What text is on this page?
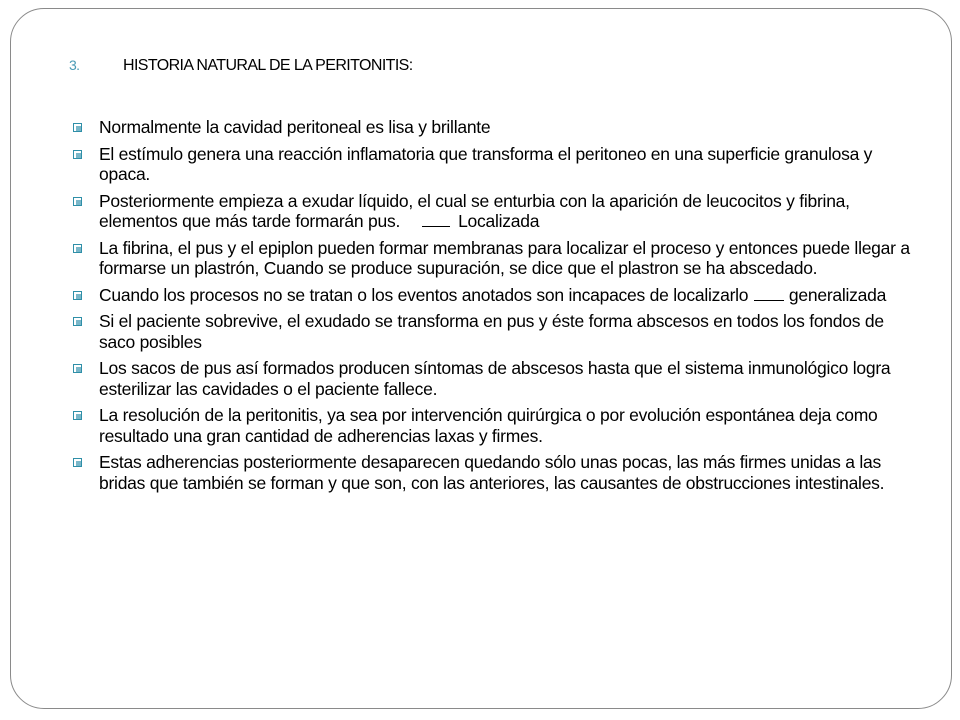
3.	HISTORIA NATURAL DE LA PERITONITIS:
Normalmente la cavidad peritoneal es lisa y brillante
El estímulo genera una reacción inflamatoria que transforma el peritoneo en una superficie granulosa y opaca.
Posteriormente empieza a exudar líquido, el cual se enturbia con la aparición de leucocitos y fibrina, elementos que más tarde formarán pus.	Localizada
La fibrina, el pus y el epiplon pueden formar membranas para localizar el proceso y entonces puede llegar a formarse un plastrón, Cuando se produce supuración, se dice que el plastron se ha abscedado.
Cuando los procesos no se tratan o los eventos anotados son incapaces de localizarlo generalizada
Si el paciente sobrevive, el exudado se transforma en pus y éste forma abscesos en todos los fondos de saco posibles
Los sacos de pus así formados producen síntomas de abscesos hasta que el sistema inmunológico logra esterilizar las cavidades o el paciente fallece.
La resolución de la peritonitis, ya sea por intervención quirúrgica o por evolución espontánea deja como resultado una gran cantidad de adherencias laxas y firmes.
Estas adherencias posteriormente desaparecen quedando sólo unas pocas, las más firmes unidas a las bridas que también se forman y que son, con las anteriores, las causantes de obstrucciones intestinales.
